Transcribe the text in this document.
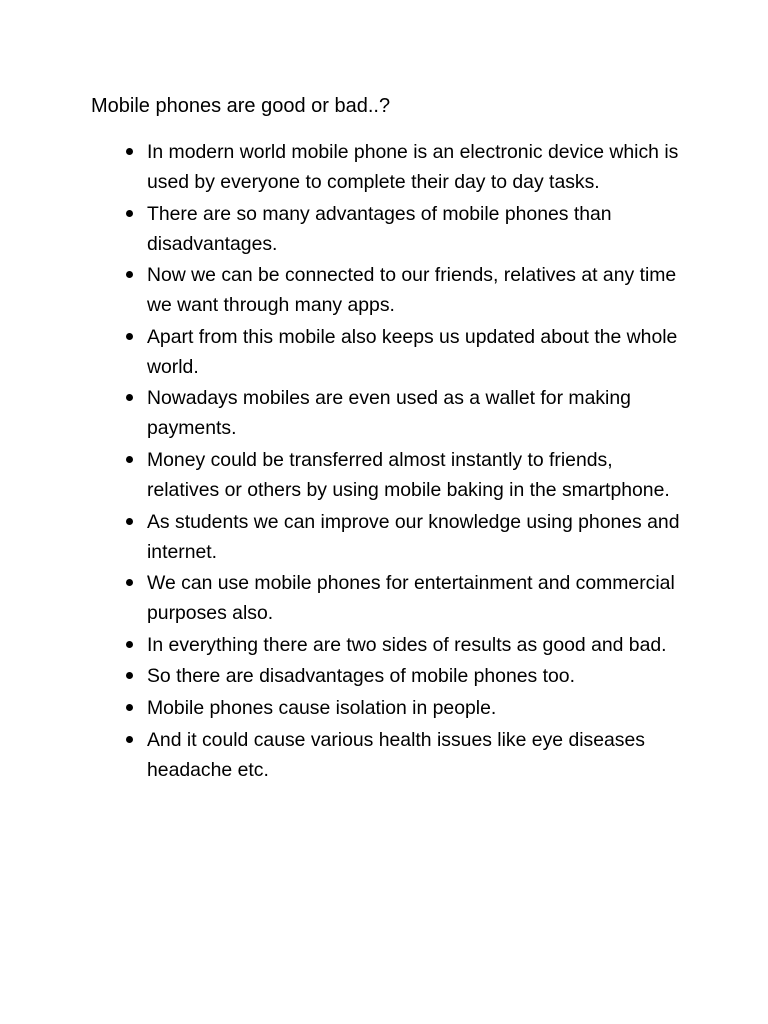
Mobile phones are good or bad..?
In modern world mobile phone is an electronic device which is used by everyone to complete their day to day tasks.
There are so many advantages of mobile phones than disadvantages.
Now we can be connected to our friends, relatives at any time we want through many apps.
Apart from this mobile also keeps us updated about the whole world.
Nowadays mobiles are even used as a wallet for making payments.
Money could be transferred almost instantly to friends, relatives or others by using mobile baking in the smartphone.
As students we can improve our knowledge using phones and internet.
We can use mobile phones for entertainment and commercial purposes also.
In everything there are two sides of results as good and bad.
So there are disadvantages of mobile phones too.
Mobile phones cause isolation in people.
And it could cause various health issues like eye diseases headache etc.
